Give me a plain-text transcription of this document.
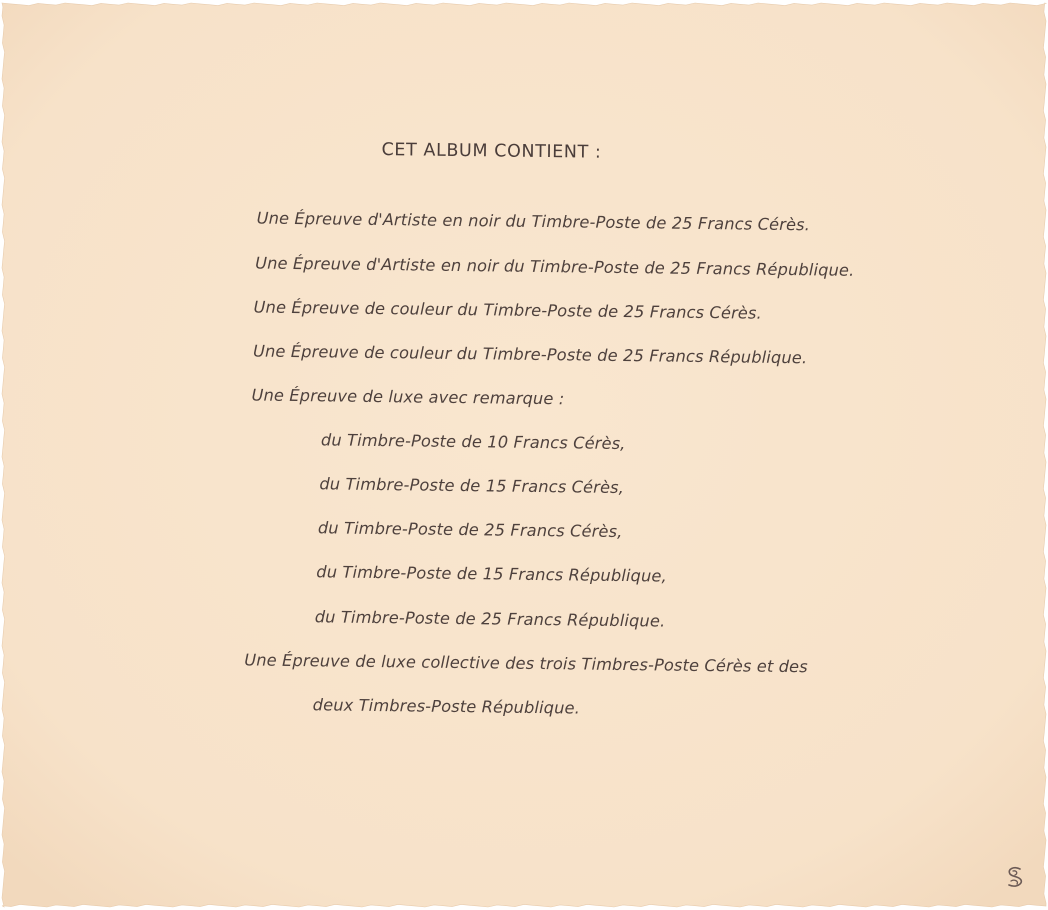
CET ALBUM CONTIENT :
Une Épreuve d'Artiste en noir du Timbre-Poste de 25 Francs Cérès.
Une Épreuve d'Artiste en noir du Timbre-Poste de 25 Francs République.
Une Épreuve de couleur du Timbre-Poste de 25 Francs Cérès.
Une Épreuve de couleur du Timbre-Poste de 25 Francs République.
Une Épreuve de luxe avec remarque :
du Timbre-Poste de 10 Francs Cérès,
du Timbre-Poste de 15 Francs Cérès,
du Timbre-Poste de 25 Francs Cérès,
du Timbre-Poste de 15 Francs République,
du Timbre-Poste de 25 Francs République.
Une Épreuve de luxe collective des trois Timbres-Poste Cérès et des
deux Timbres-Poste République.
